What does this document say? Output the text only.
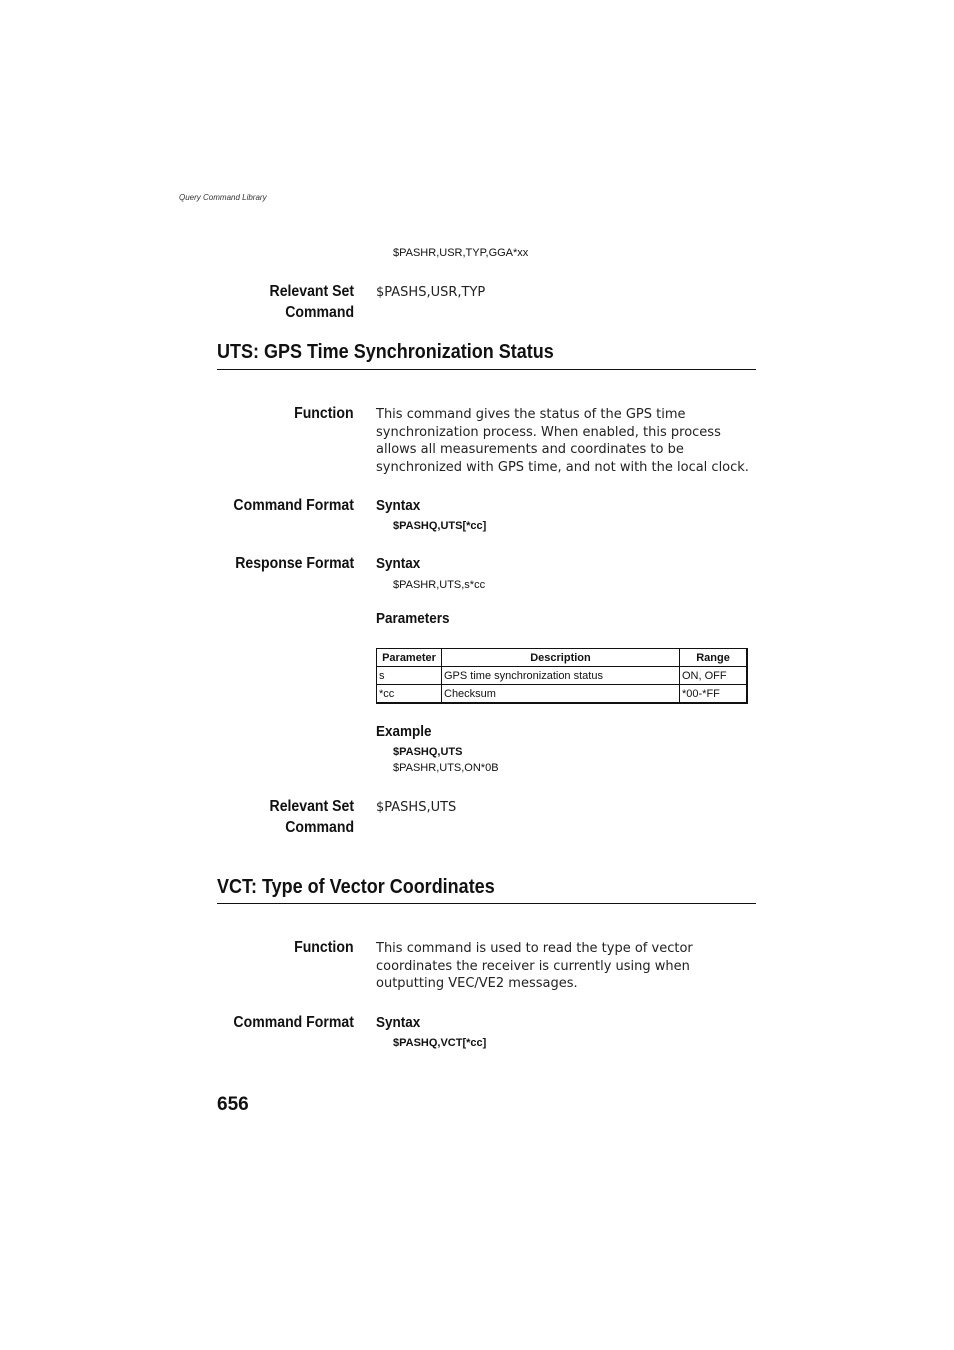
Query Command Library
$PASHR,USR,TYP,GGA*xx
Relevant Set
Command
$PASHS,USR,TYP
UTS: GPS Time Synchronization Status
Function This command gives the status of the GPS time synchronization process. When enabled, this process allows all measurements and coordinates to be synchronized with GPS time, and not with the local clock.
Command Format Syntax
$PASHQ,UTS[*cc]
Response Format Syntax
$PASHR,UTS,s*cc
Parameters
Parameter	Description	Range
s	GPS time synchronization status	ON, OFF
*cc	Checksum	*00-*FF
Example
$PASHQ,UTS
$PASHR,UTS,ON*0B
Relevant Set
Command
$PASHS,UTS
VCT: Type of Vector Coordinates
Function This command is used to read the type of vector coordinates the receiver is currently using when outputting VEC/VE2 messages.
Command Format Syntax
$PASHQ,VCT[*cc]
656
